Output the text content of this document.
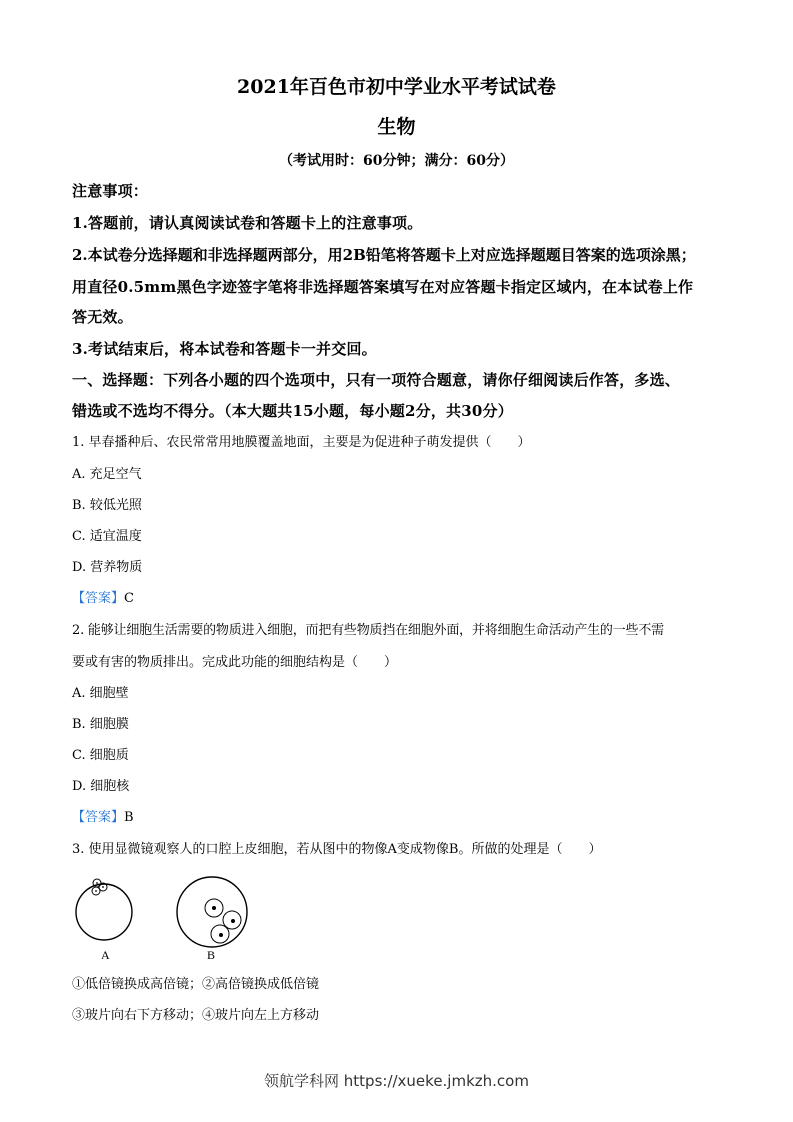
2021年百色市初中学业水平考试试卷
生物
（考试用时：60分钟；满分：60分）
注意事项：
1.答题前，请认真阅读试卷和答题卡上的注意事项。
2.本试卷分选择题和非选择题两部分，用2B铅笔将答题卡上对应选择题题目答案的选项涂黑；
用直径0.5mm黑色字迹签字笔将非选择题答案填写在对应答题卡指定区域内，在本试卷上作
答无效。
3.考试结束后，将本试卷和答题卡一并交回。
一、选择题：下列各小题的四个选项中，只有一项符合题意，请你仔细阅读后作答，多选、
错选或不选均不得分。（本大题共15小题，每小题2分，共30分）
1. 早春播种后、农民常常用地膜覆盖地面，主要是为促进种子萌发提供（　　）
A. 充足空气
B. 较低光照
C. 适宜温度
D. 营养物质
【答案】C
2. 能够让细胞生活需要的物质进入细胞，而把有些物质挡在细胞外面，并将细胞生命活动产生的一些不需
要或有害的物质排出。完成此功能的细胞结构是（　　）
A. 细胞壁
B. 细胞膜
C. 细胞质
D. 细胞核
【答案】B
3. 使用显微镜观察人的口腔上皮细胞，若从图中的物像A变成物像B。所做的处理是（　　）
A	B
①低倍镜换成高倍镜；②高倍镜换成低倍镜
③玻片向右下方移动；④玻片向左上方移动
领航学科网 https://xueke.jmkzh.com
